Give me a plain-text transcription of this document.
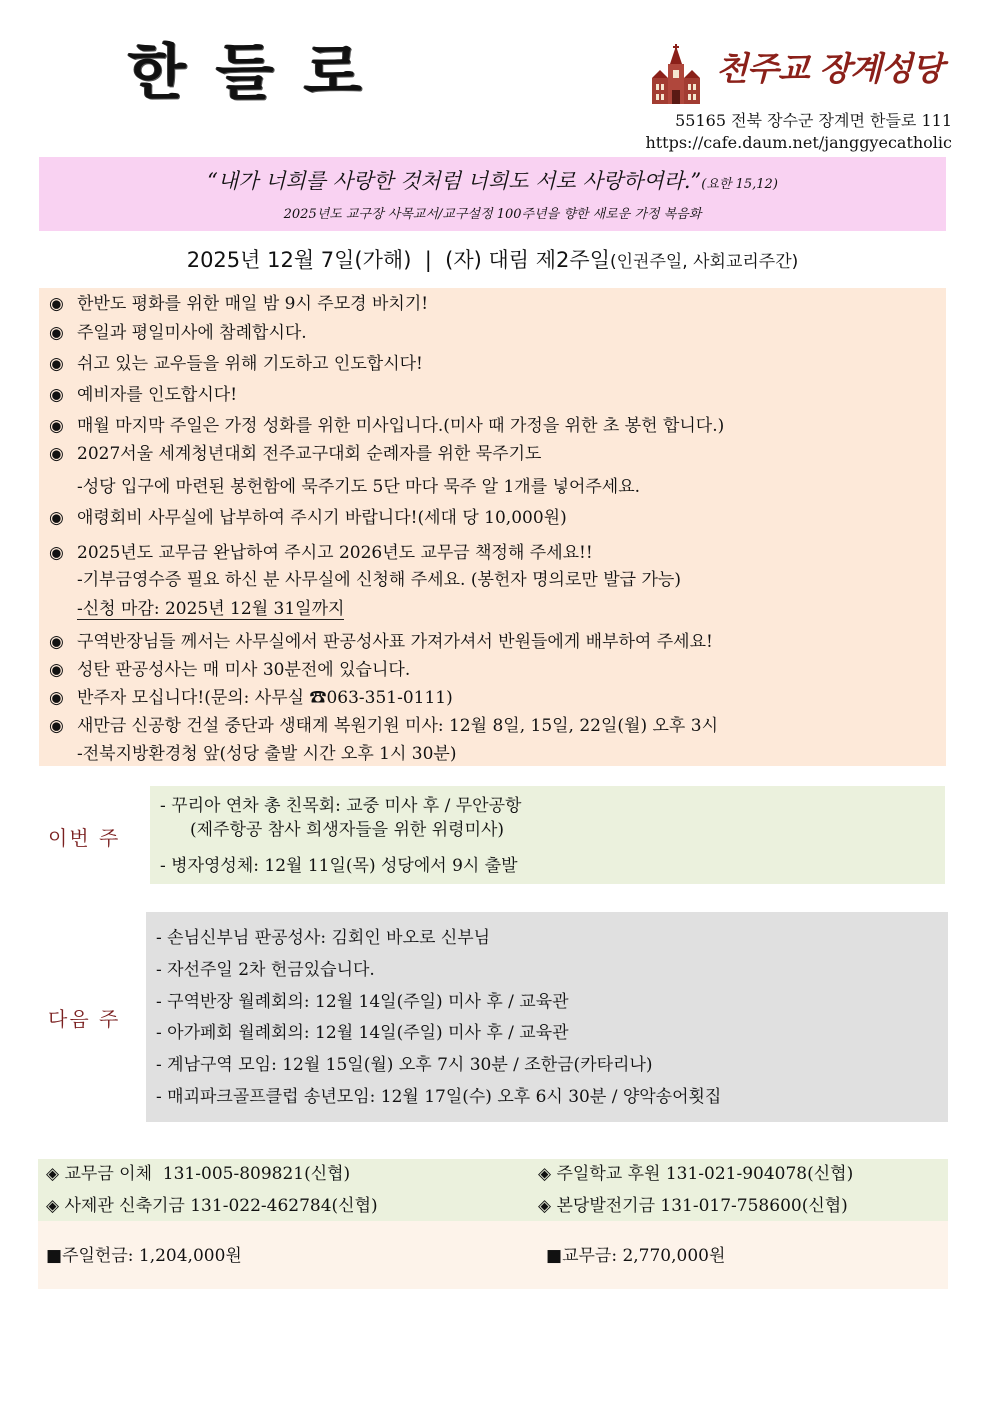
한들로	천주교 장계성당
55165 전북 장수군 장계면 한들로 111
https://cafe.daum.net/janggyecatholic
“내가 너희를 사랑한 것처럼 너희도 서로 사랑하여라.”(요한 15,12)
2025년도 교구장 사목교서/교구설정 100주년을 향한 새로운 가정 복음화
2025년 12월 7일(가해)  |  (자) 대림 제2주일(인권주일, 사회교리주간)
◉ 한반도 평화를 위한 매일 밤 9시 주모경 바치기!
◉ 주일과 평일미사에 참례합시다.
◉ 쉬고 있는 교우들을 위해 기도하고 인도합시다!
◉ 예비자를 인도합시다!
◉ 매월 마지막 주일은 가정 성화를 위한 미사입니다.(미사 때 가정을 위한 초 봉헌 합니다.)
◉ 2027서울 세계청년대회 전주교구대회 순례자를 위한 묵주기도
-성당 입구에 마련된 봉헌함에 묵주기도 5단 마다 묵주 알 1개를 넣어주세요.
◉ 애령회비 사무실에 납부하여 주시기 바랍니다!(세대 당 10,000원)
◉ 2025년도 교무금 완납하여 주시고 2026년도 교무금 책정해 주세요!!
-기부금영수증 필요 하신 분 사무실에 신청해 주세요. (봉헌자 명의로만 발급 가능)
-신청 마감: 2025년 12월 31일까지
◉ 구역반장님들 께서는 사무실에서 판공성사표 가져가셔서 반원들에게 배부하여 주세요!
◉ 성탄 판공성사는 매 미사 30분전에 있습니다.
◉ 반주자 모십니다!(문의: 사무실 ☎063-351-0111)
◉ 새만금 신공항 건설 중단과 생태계 복원기원 미사: 12월 8일, 15일, 22일(월) 오후 3시
-전북지방환경청 앞(성당 출발 시간 오후 1시 30분)
이번 주
- 꾸리아 연차 총 친목회: 교중 미사 후 / 무안공항
(제주항공 참사 희생자들을 위한 위령미사)
- 병자영성체: 12월 11일(목) 성당에서 9시 출발
다음 주
- 손님신부님 판공성사: 김회인 바오로 신부님
- 자선주일 2차 헌금있습니다.
- 구역반장 월례회의: 12월 14일(주일) 미사 후 / 교육관
- 아가페회 월례회의: 12월 14일(주일) 미사 후 / 교육관
- 계남구역 모임: 12월 15일(월) 오후 7시 30분 / 조한금(카타리나)
- 매괴파크골프클럽 송년모임: 12월 17일(수) 오후 6시 30분 / 양악송어횟집
◈ 교무금 이체  131-005-809821(신협)	◈ 주일학교 후원 131-021-904078(신협)
◈ 사제관 신축기금 131-022-462784(신협)	◈ 본당발전기금 131-017-758600(신협)
■주일헌금: 1,204,000원	■교무금: 2,770,000원
